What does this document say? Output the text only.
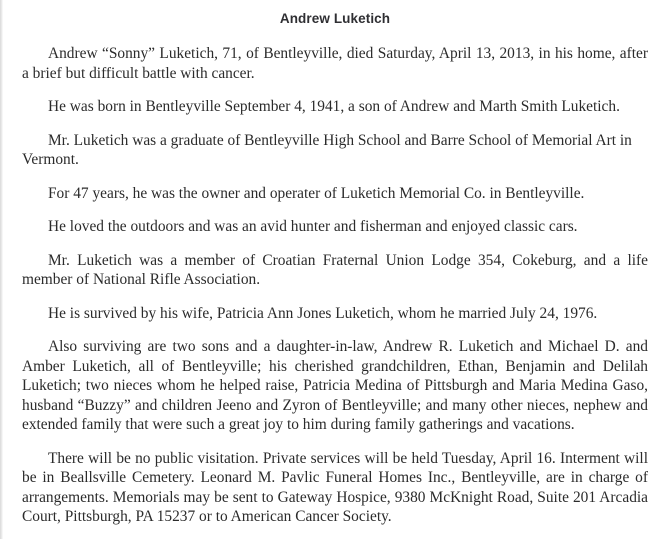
Andrew Luketich

Andrew “Sonny” Luketich, 71, of Bentleyville, died Saturday, April 13, 2013, in his home, after a brief but difficult battle with cancer.

He was born in Bentleyville September 4, 1941, a son of Andrew and Marth Smith Luketich.

Mr. Luketich was a graduate of Bentleyville High School and Barre School of Memorial Art in Vermont.

For 47 years, he was the owner and operater of Luketich Memorial Co. in Bentleyville.

He loved the outdoors and was an avid hunter and fisherman and enjoyed classic cars.

Mr. Luketich was a member of Croatian Fraternal Union Lodge 354, Cokeburg, and a life member of National Rifle Association.

He is survived by his wife, Patricia Ann Jones Luketich, whom he married July 24, 1976.

Also surviving are two sons and a daughter-in-law, Andrew R. Luketich and Michael D. and Amber Luketich, all of Bentleyville; his cherished grandchildren, Ethan, Benjamin and Delilah Luketich; two nieces whom he helped raise, Patricia Medina of Pittsburgh and Maria Medina Gaso, husband “Buzzy” and children Jeeno and Zyron of Bentleyville; and many other nieces, nephew and extended family that were such a great joy to him during family gatherings and vacations.

There will be no public visitation. Private services will be held Tuesday, April 16. Interment will be in Beallsville Cemetery. Leonard M. Pavlic Funeral Homes Inc., Bentleyville, are in charge of arrangements. Memorials may be sent to Gateway Hospice, 9380 McKnight Road, Suite 201 Arcadia Court, Pittsburgh, PA 15237 or to American Cancer Society.
